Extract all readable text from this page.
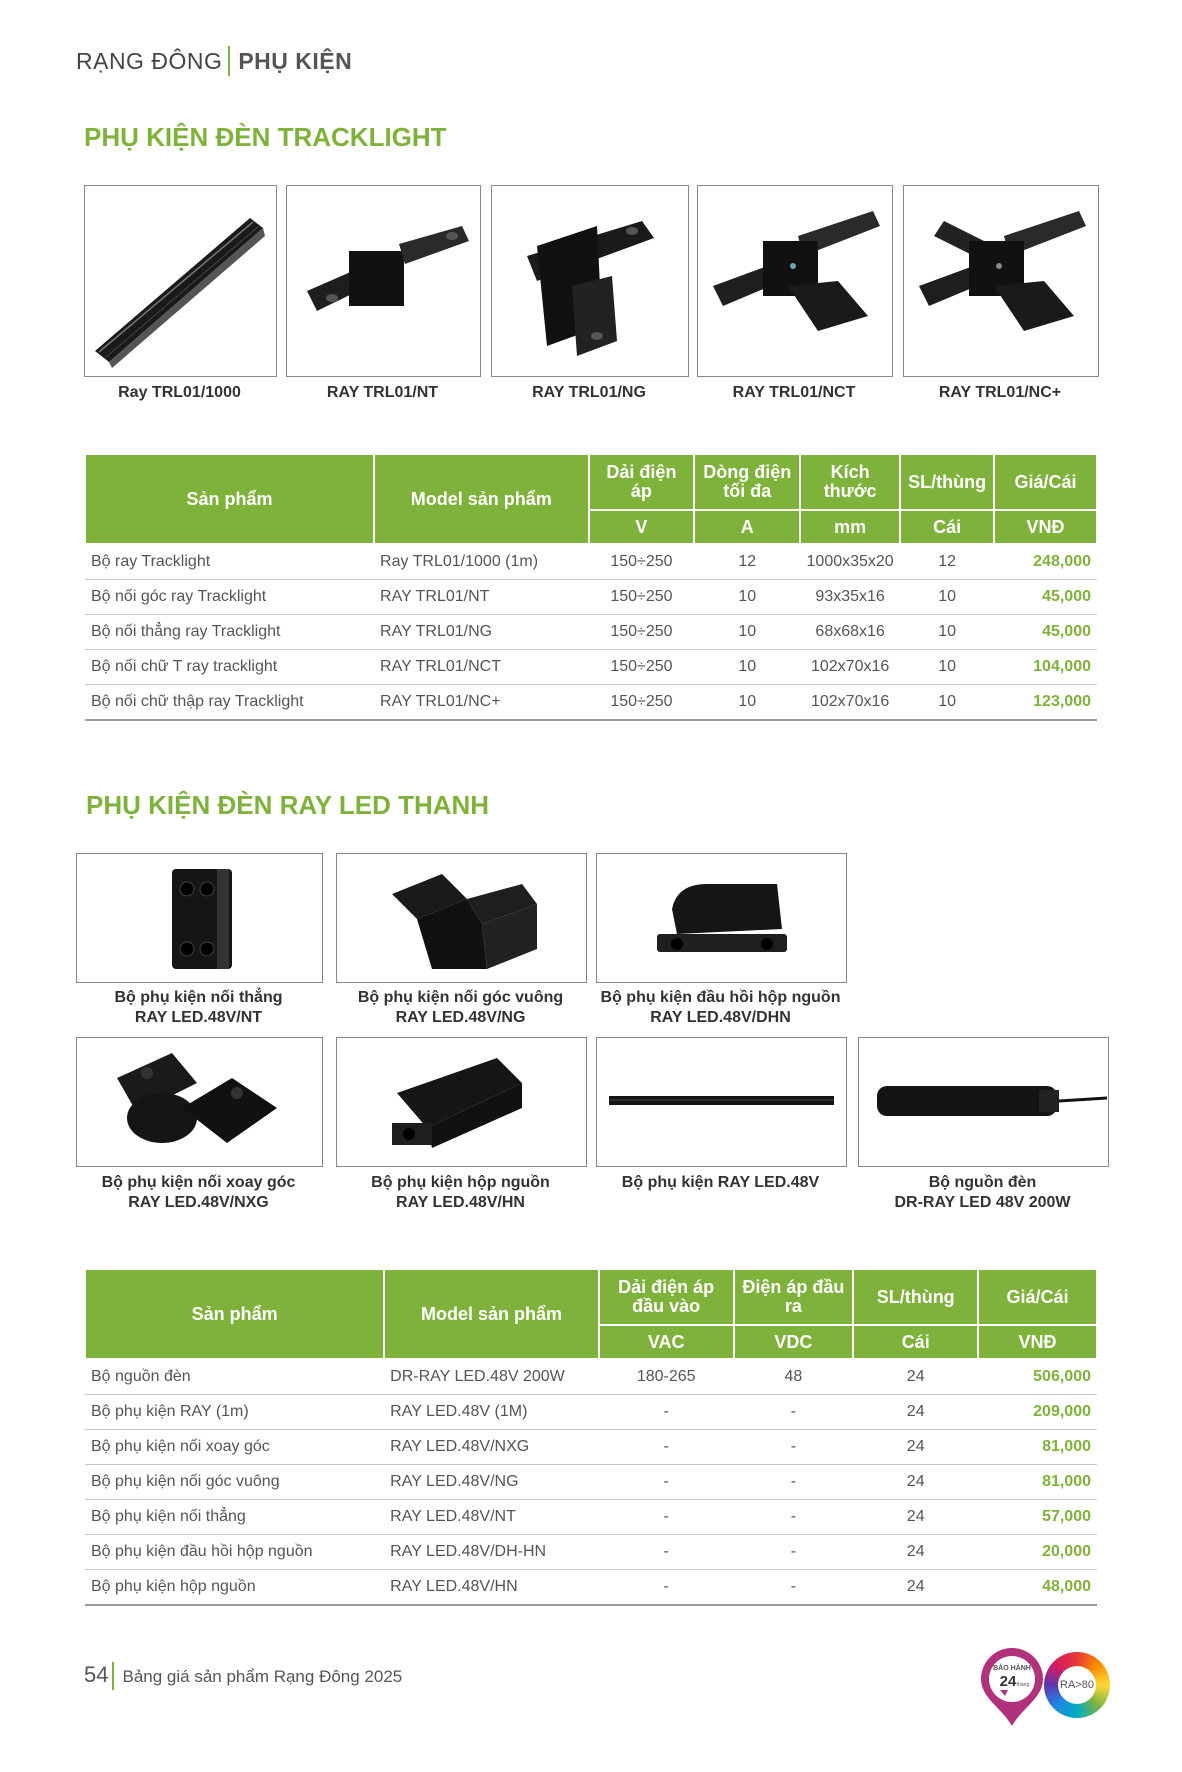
RẠNG ĐÔNG PHỤ KIỆN
PHỤ KIỆN ĐÈN TRACKLIGHT
Ray TRL01/1000	RAY TRL01/NT	RAY TRL01/NG	RAY TRL01/NCT	RAY TRL01/NC+
Sản phẩm	Model sản phẩm	Dải điện áp	Dòng điện tối đa	Kích thước	SL/thùng	Giá/Cái
		V	A	mm	Cái	VNĐ
Bộ ray Tracklight	Ray TRL01/1000 (1m)	150÷250	12	1000x35x20	12	248,000
Bộ nối góc ray Tracklight	RAY TRL01/NT	150÷250	10	93x35x16	10	45,000
Bộ nối thẳng ray Tracklight	RAY TRL01/NG	150÷250	10	68x68x16	10	45,000
Bộ nối chữ T ray tracklight	RAY TRL01/NCT	150÷250	10	102x70x16	10	104,000
Bộ nối chữ thập ray Tracklight	RAY TRL01/NC+	150÷250	10	102x70x16	10	123,000
PHỤ KIỆN ĐÈN RAY LED THANH
Bộ phụ kiện nối thẳng
RAY LED.48V/NT
Bộ phụ kiện nối góc vuông
RAY LED.48V/NG
Bộ phụ kiện đầu hồi hộp nguồn
RAY LED.48V/DHN
Bộ phụ kiện nối xoay góc
RAY LED.48V/NXG
Bộ phụ kiện hộp nguồn
RAY LED.48V/HN
Bộ phụ kiện RAY LED.48V	Bộ nguồn đèn
DR-RAY LED 48V 200W
Sản phẩm	Model sản phẩm	Dải điện áp đầu vào	Điện áp đầu ra	SL/thùng	Giá/Cái
		VAC	VDC	Cái	VNĐ
Bộ nguồn đèn	DR-RAY LED.48V 200W	180-265	48	24	506,000
Bộ phụ kiện RAY (1m)	RAY LED.48V (1M)	-	-	24	209,000
Bộ phụ kiện nối xoay góc	RAY LED.48V/NXG	-	-	24	81,000
Bộ phụ kiện nối góc vuông	RAY LED.48V/NG	-	-	24	81,000
Bộ phụ kiện nối thẳng	RAY LED.48V/NT	-	-	24	57,000
Bộ phụ kiện đầu hồi hộp nguồn	RAY LED.48V/DH-HN	-	-	24	20,000
Bộ phụ kiện hộp nguồn	RAY LED.48V/HN	-	-	24	48,000
BẢO HÀNH
24 tháng	RA>80
54 Bảng giá sản phẩm Rạng Đông 2025
